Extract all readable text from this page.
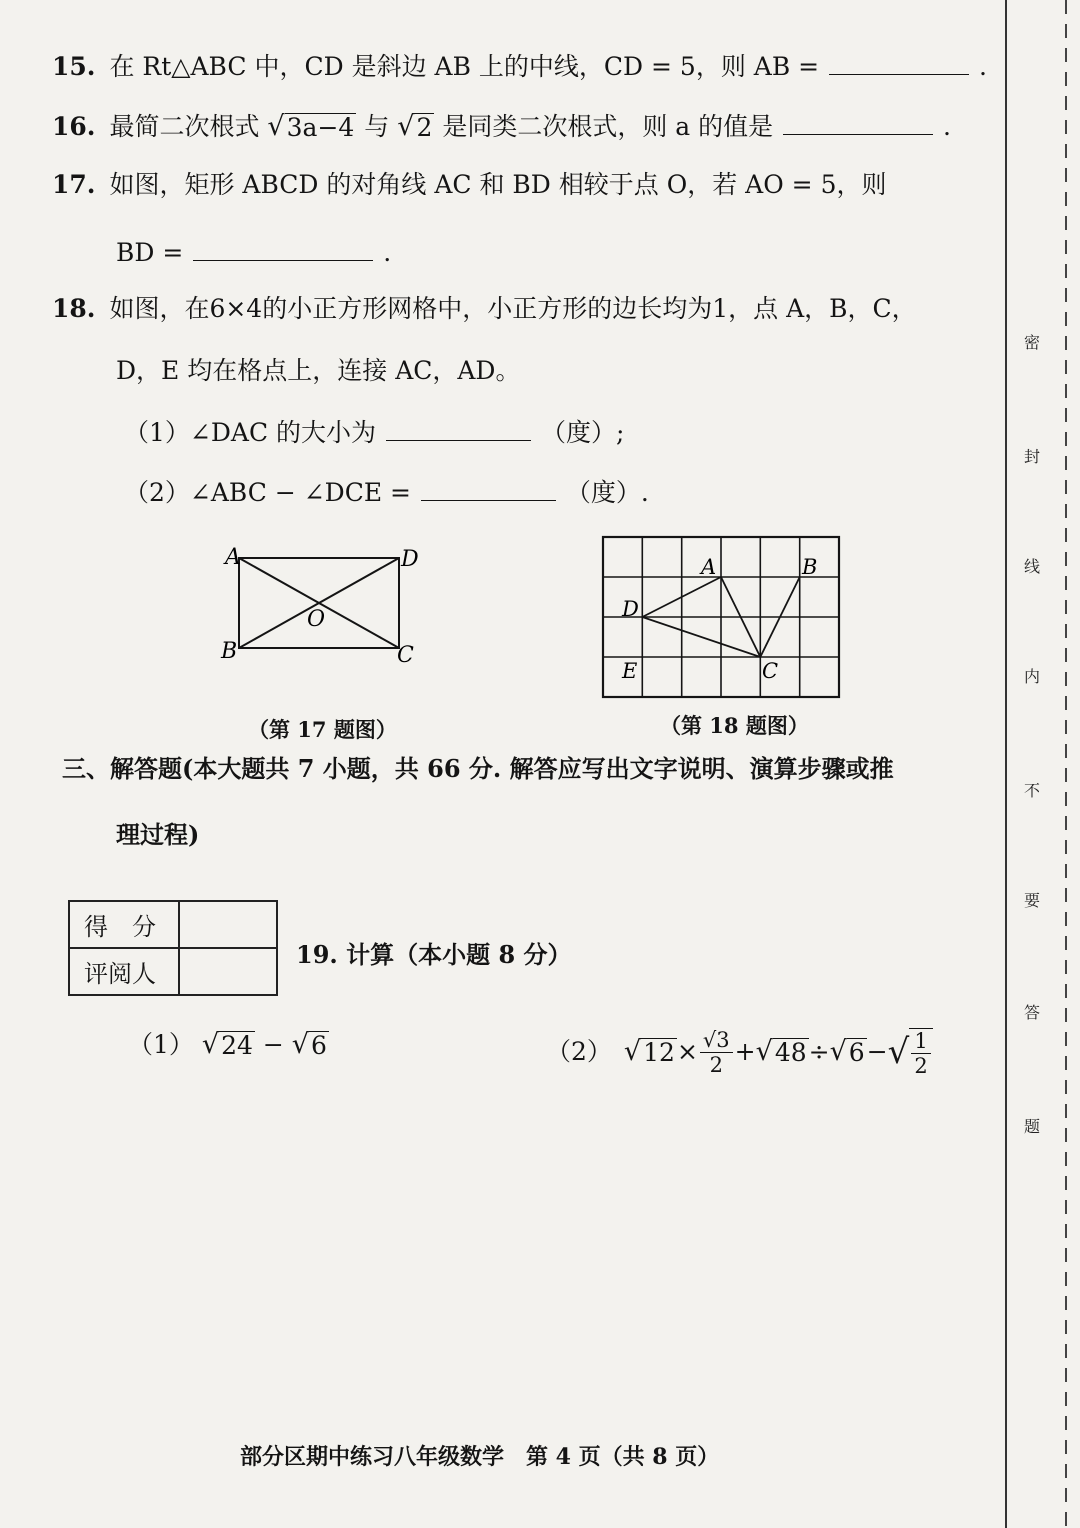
15. 在 Rt△ABC 中，CD 是斜边 AB 上的中线，CD = 5，则 AB =	.
16. 最简二次根式 √ 3a−4 与 √ 2 是同类二次根式，则 a 的值是	.
17. 如图，矩形 ABCD 的对角线 AC 和 BD 相较于点 O，若 AO = 5，则
BD =	.
18. 如图，在6×4的小正方形网格中，小正方形的边长均为1，点 A，B，C，
D，E 均在格点上，连接 AC，AD。
（1）∠DAC 的大小为	（度）;
（2）∠ABC − ∠DCE =	（度）.
A	D
B	C
O
（第 17 题图）
A	B
D
E	C
（第 18 题图）
三、解答题(本大题共 7 小题，共 66 分. 解答应写出文字说明、演算步骤或推
理过程)
得　分	
评阅人	
19. 计算（本小题 8 分）
（1） √ 24 − √ 6	（2） √ $12 \times \frac{√3}{2}$ + √ 48 ÷ √ 6 − √ $\frac{1}{2}$
部分区期中练习八年级数学　第 4 页（共 8 页）
密
封
线
内
不
要
答
题
